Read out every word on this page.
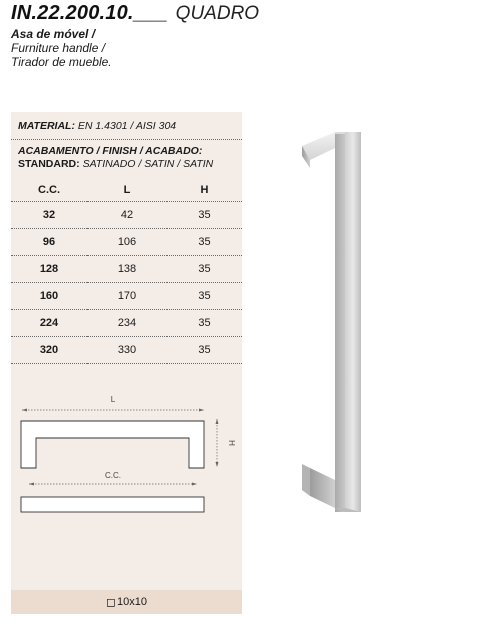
IN.22.200.10.___ QUADRO
Asa de móvel /
Furniture handle /
Tirador de mueble.
MATERIAL: EN 1.4301 / AISI 304
ACABAMENTO / FINISH / ACABADO:
STANDARD: SATINADO / SATIN / SATIN
C.C.	L	H
32	42	35
96	106	35
128	138	35
160	170	35
224	234	35
320	330	35
L
H
C.C.
◻ 10x10
